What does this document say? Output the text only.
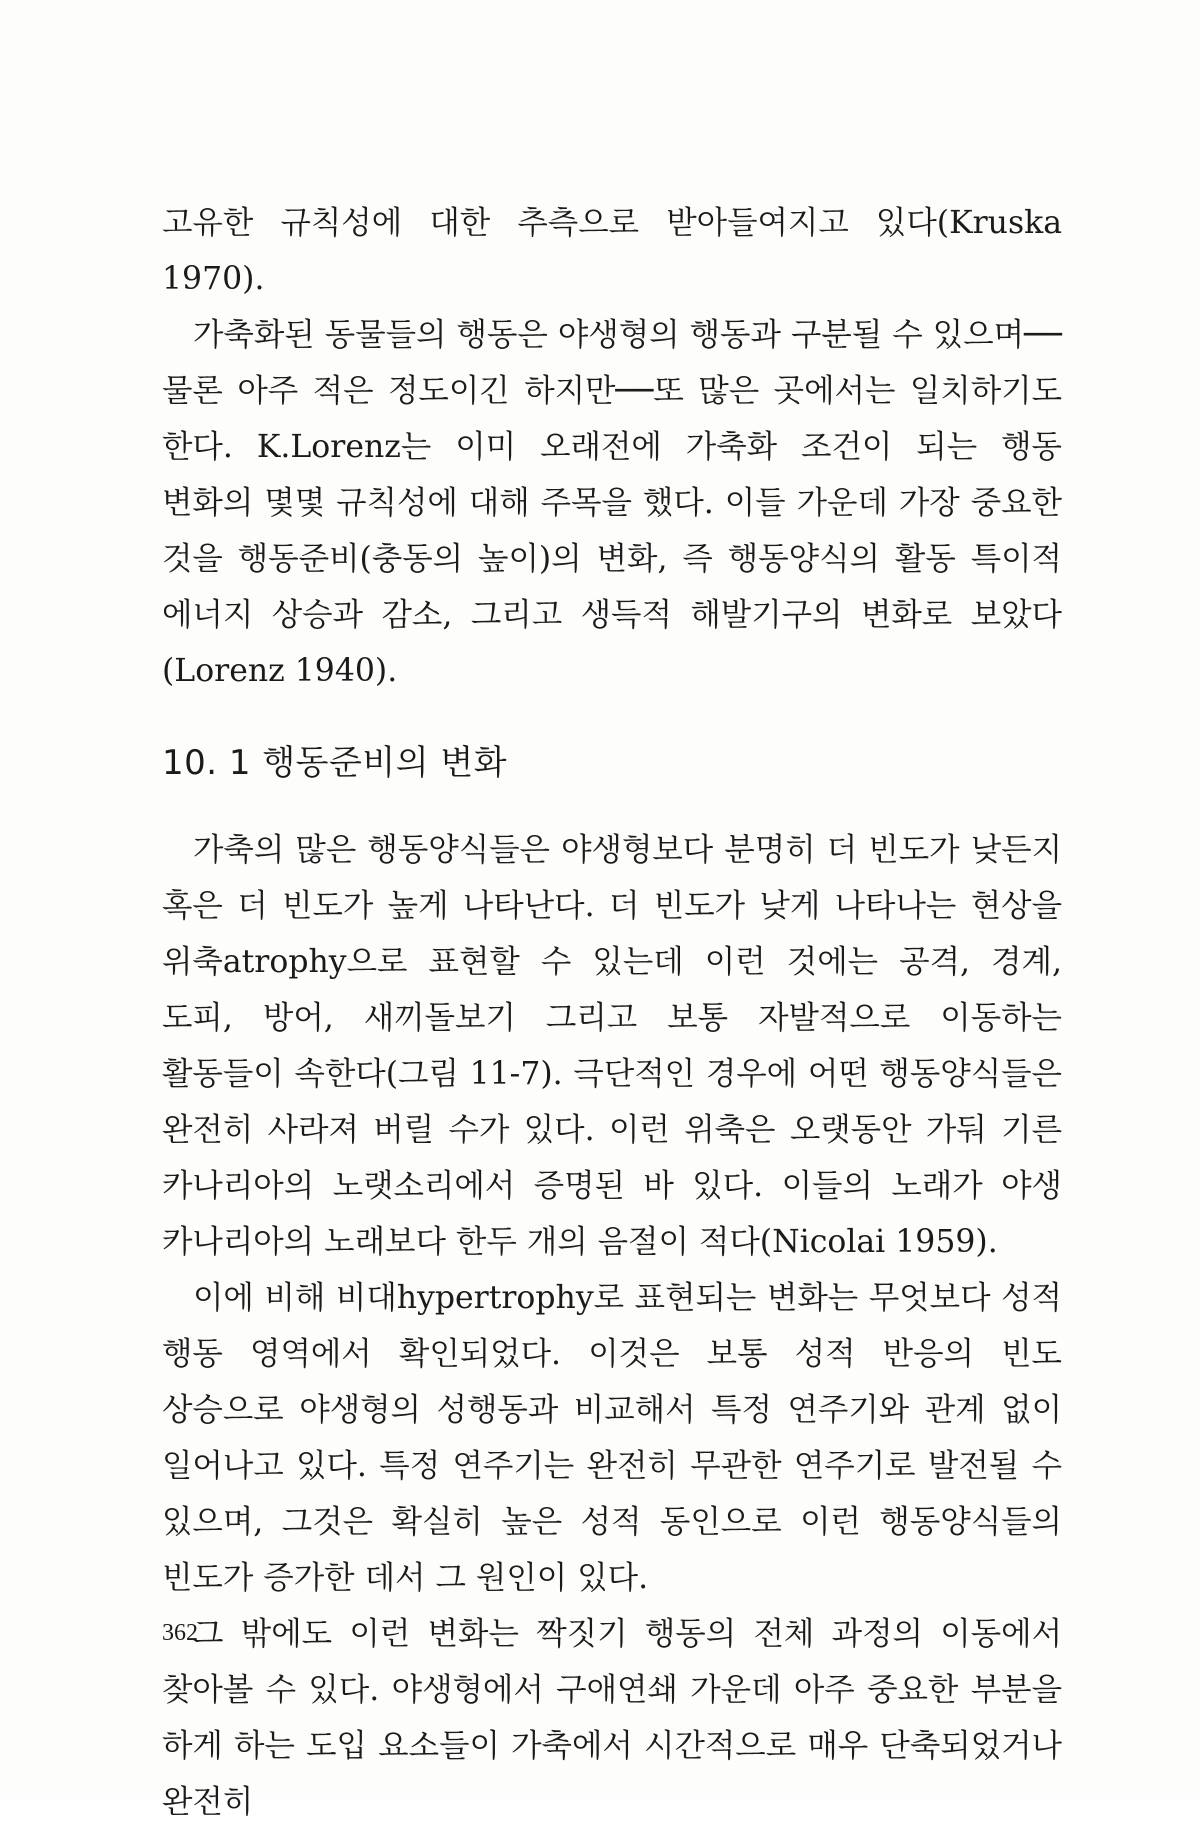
고유한 규칙성에 대한 추측으로 받아들여지고 있다(Kruska 1970).

가축화된 동물들의 행동은 야생형의 행동과 구분될 수 있으며──물론 아주 적은 정도이긴 하지만──또 많은 곳에서는 일치하기도 한다. K.Lorenz는 이미 오래전에 가축화 조건이 되는 행동 변화의 몇몇 규칙성에 대해 주목을 했다. 이들 가운데 가장 중요한 것을 행동준비(충동의 높이)의 변화, 즉 행동양식의 활동 특이적 에너지 상승과 감소, 그리고 생득적 해발기구의 변화로 보았다(Lorenz 1940).

10. 1 행동준비의 변화

가축의 많은 행동양식들은 야생형보다 분명히 더 빈도가 낮든지 혹은 더 빈도가 높게 나타난다. 더 빈도가 낮게 나타나는 현상을 위축atrophy으로 표현할 수 있는데 이런 것에는 공격, 경계, 도피, 방어, 새끼돌보기 그리고 보통 자발적으로 이동하는 활동들이 속한다(그림 11-7). 극단적인 경우에 어떤 행동양식들은 완전히 사라져 버릴 수가 있다. 이런 위축은 오랫동안 가둬 기른 카나리아의 노랫소리에서 증명된 바 있다. 이들의 노래가 야생 카나리아의 노래보다 한두 개의 음절이 적다(Nicolai 1959).

이에 비해 비대hypertrophy로 표현되는 변화는 무엇보다 성적 행동 영역에서 확인되었다. 이것은 보통 성적 반응의 빈도 상승으로 야생형의 성행동과 비교해서 특정 연주기와 관계 없이 일어나고 있다. 특정 연주기는 완전히 무관한 연주기로 발전될 수 있으며, 그것은 확실히 높은 성적 동인으로 이런 행동양식들의 빈도가 증가한 데서 그 원인이 있다.

그 밖에도 이런 변화는 짝짓기 행동의 전체 과정의 이동에서 찾아볼 수 있다. 야생형에서 구애연쇄 가운데 아주 중요한 부분을 하게 하는 도입 요소들이 가축에서 시간적으로 매우 단축되었거나 완전히

362
